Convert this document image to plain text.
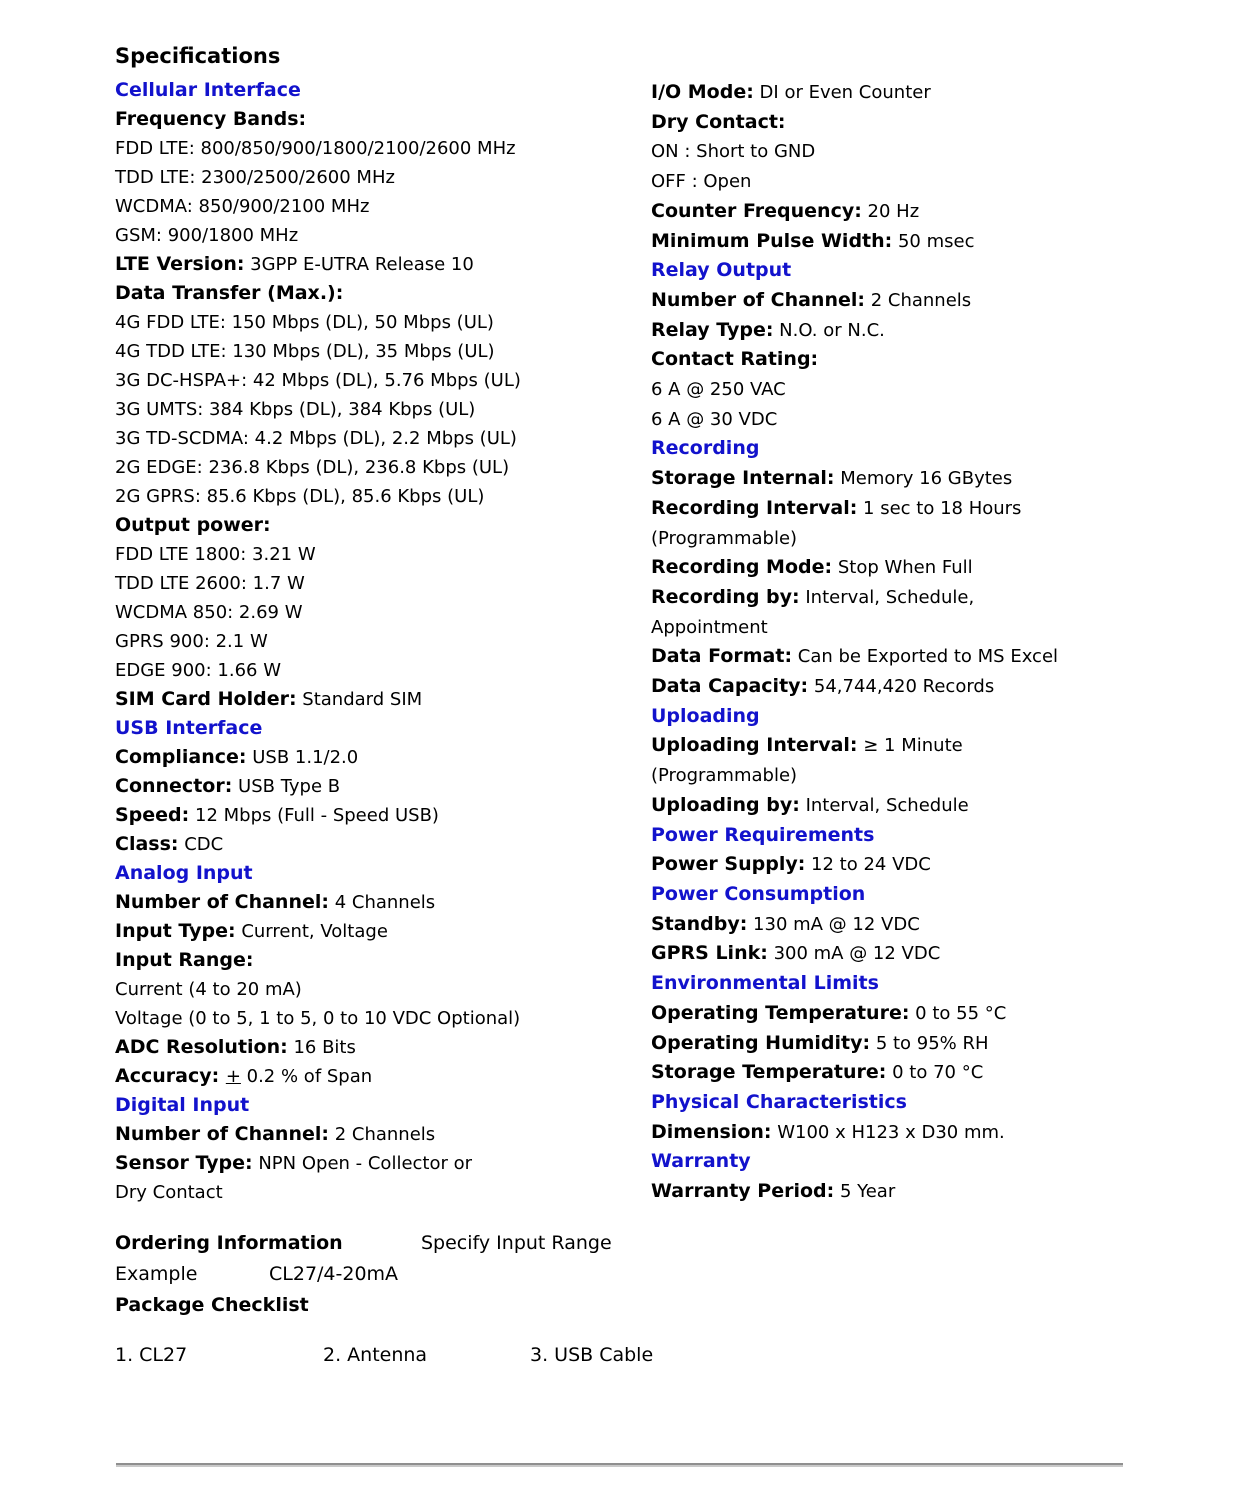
Specifications
Cellular Interface
Frequency Bands:
FDD LTE: 800/850/900/1800/2100/2600 MHz
TDD LTE: 2300/2500/2600 MHz
WCDMA: 850/900/2100 MHz
GSM: 900/1800 MHz
LTE Version: 3GPP E-UTRA Release 10
Data Transfer (Max.):
4G FDD LTE: 150 Mbps (DL), 50 Mbps (UL)
4G TDD LTE: 130 Mbps (DL), 35 Mbps (UL)
3G DC-HSPA+: 42 Mbps (DL), 5.76 Mbps (UL)
3G UMTS: 384 Kbps (DL), 384 Kbps (UL)
3G TD-SCDMA: 4.2 Mbps (DL), 2.2 Mbps (UL)
2G EDGE: 236.8 Kbps (DL), 236.8 Kbps (UL)
2G GPRS: 85.6 Kbps (DL), 85.6 Kbps (UL)
Output power:
FDD LTE 1800: 3.21 W
TDD LTE 2600: 1.7 W
WCDMA 850: 2.69 W
GPRS 900: 2.1 W
EDGE 900: 1.66 W
SIM Card Holder: Standard SIM
USB Interface
Compliance: USB 1.1/2.0
Connector: USB Type B
Speed: 12 Mbps (Full - Speed USB)
Class: CDC
Analog Input
Number of Channel: 4 Channels
Input Type: Current, Voltage
Input Range:
Current (4 to 20 mA)
Voltage (0 to 5, 1 to 5, 0 to 10 VDC Optional)
ADC Resolution: 16 Bits
Accuracy: + 0.2 % of Span
Digital Input
Number of Channel: 2 Channels
Sensor Type: NPN Open - Collector or
Dry Contact
I/O Mode: DI or Even Counter
Dry Contact:
ON : Short to GND
OFF : Open
Counter Frequency: 20 Hz
Minimum Pulse Width: 50 msec
Relay Output
Number of Channel: 2 Channels
Relay Type: N.O. or N.C.
Contact Rating:
6 A @ 250 VAC
6 A @ 30 VDC
Recording
Storage Internal: Memory 16 GBytes
Recording Interval: 1 sec to 18 Hours
(Programmable)
Recording Mode: Stop When Full
Recording by: Interval, Schedule,
Appointment
Data Format: Can be Exported to MS Excel
Data Capacity: 54,744,420 Records
Uploading
Uploading Interval: ≥ 1 Minute
(Programmable)
Uploading by: Interval, Schedule
Power Requirements
Power Supply: 12 to 24 VDC
Power Consumption
Standby: 130 mA @ 12 VDC
GPRS Link: 300 mA @ 12 VDC
Environmental Limits
Operating Temperature: 0 to 55 °C
Operating Humidity: 5 to 95% RH
Storage Temperature: 0 to 70 °C
Physical Characteristics
Dimension: W100 x H123 x D30 mm.
Warranty
Warranty Period: 5 Year
Ordering Information	Specify Input Range
Example	CL27/4-20mA
Package Checklist
1. CL27	2. Antenna	3. USB Cable
